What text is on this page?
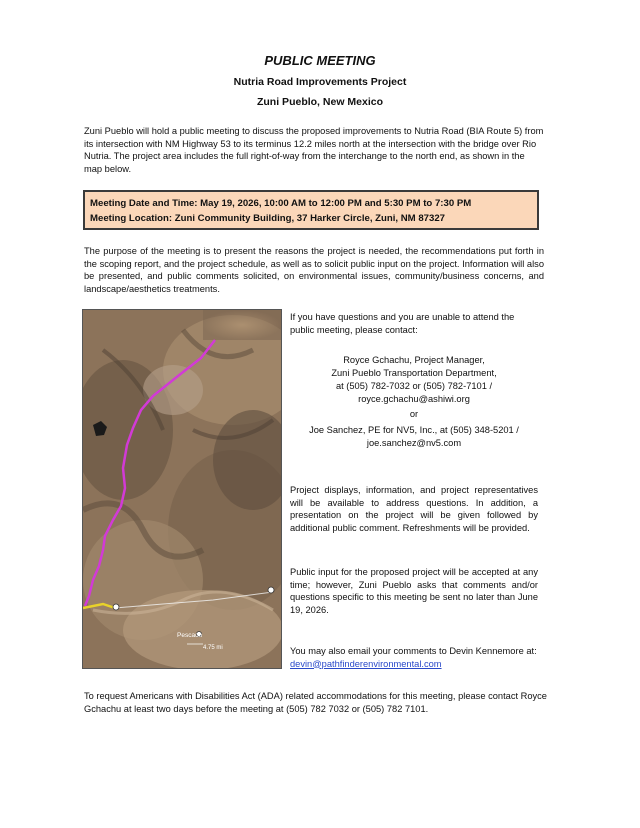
PUBLIC MEETING
Nutria Road Improvements Project
Zuni Pueblo, New Mexico
Zuni Pueblo will hold a public meeting to discuss the proposed improvements to Nutria Road (BIA Route 5) from its intersection with NM Highway 53 to its terminus 12.2 miles north at the intersection with the bridge over Rio Nutria. The project area includes the full right-of-way from the interchange to the north end, as shown in the map below.
Meeting Date and Time: May 19, 2026, 10:00 AM to 12:00 PM and 5:30 PM to 7:30 PM
Meeting Location: Zuni Community Building, 37 Harker Circle, Zuni, NM 87327
The purpose of the meeting is to present the reasons the project is needed, the recommendations put forth in the scoping report, and the project schedule, as well as to solicit public input on the project. Information will also be presented, and public comments solicited, on environmental issues, community/business concerns, and landscape/aesthetics treatments.
Pescado
4.75 mi
If you have questions and you are unable to attend the public meeting, please contact:
Royce Gchachu, Project Manager,
Zuni Pueblo Transportation Department,
at (505) 782-7032 or (505) 782-7101 /
royce.gchachu@ashiwi.org
or
Joe Sanchez, PE for NV5, Inc., at (505) 348-5201 /
joe.sanchez@nv5.com
Project displays, information, and project representatives will be available to address questions. In addition, a presentation on the project will be given followed by additional public comment. Refreshments will be provided.
Public input for the proposed project will be accepted at any time; however, Zuni Pueblo asks that comments and/or questions specific to this meeting be sent no later than June 19, 2026.
You may also email your comments to Devin Kennemore at: devin@pathfinderenvironmental.com
To request Americans with Disabilities Act (ADA) related accommodations for this meeting, please contact Royce Gchachu at least two days before the meeting at (505) 782 7032 or (505) 782 7101.
